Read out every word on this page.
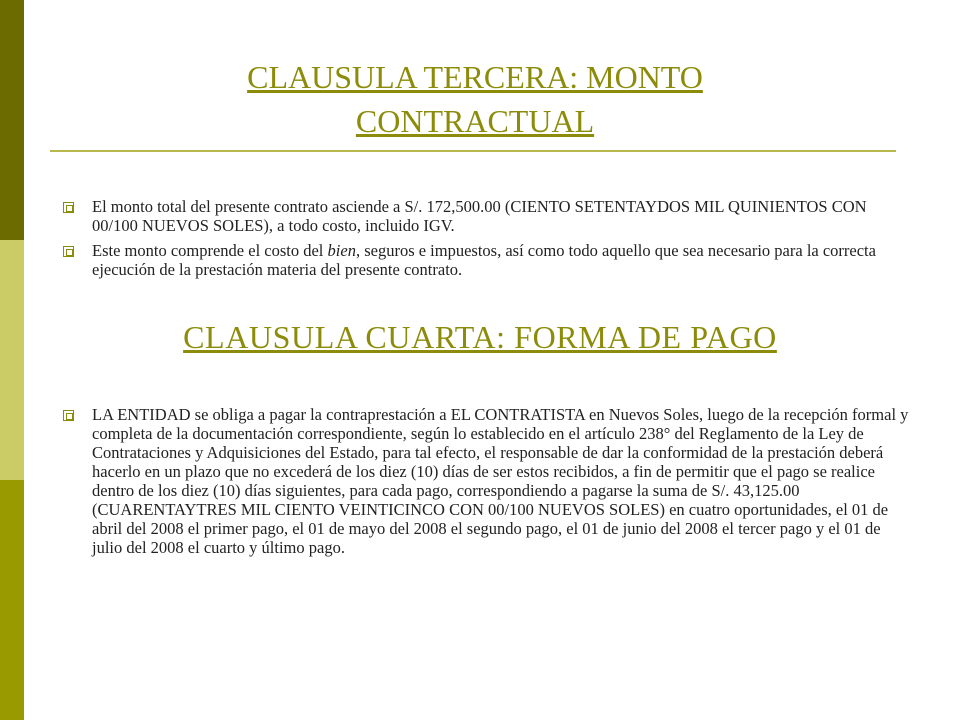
CLAUSULA TERCERA: MONTO
CONTRACTUAL
El monto total del presente contrato asciende a S/. 172,500.00 (CIENTO SETENTAYDOS MIL QUINIENTOS CON 00/100 NUEVOS SOLES), a todo costo, incluido IGV.
Este monto comprende el costo del bien, seguros e impuestos, así como todo aquello que sea necesario para la correcta ejecución de la prestación materia del presente contrato.
CLAUSULA CUARTA: FORMA DE PAGO
LA ENTIDAD se obliga a pagar la contraprestación a EL CONTRATISTA en Nuevos Soles, luego de la recepción formal y completa de la documentación correspondiente, según lo establecido en el artículo 238° del Reglamento de la Ley de Contrataciones y Adquisiciones del Estado, para tal efecto, el responsable de dar la conformidad de la prestación deberá hacerlo en un plazo que no excederá de los diez (10) días de ser estos recibidos, a fin de permitir que el pago se realice dentro de los diez (10) días siguientes, para cada pago, correspondiendo a pagarse la suma de S/. 43,125.00 (CUARENTAYTRES MIL CIENTO VEINTICINCO CON 00/100 NUEVOS SOLES) en cuatro oportunidades, el 01 de abril del 2008 el primer pago, el 01 de mayo del 2008 el segundo pago, el 01 de junio del 2008 el tercer pago y el 01 de julio del 2008 el cuarto y último pago.
